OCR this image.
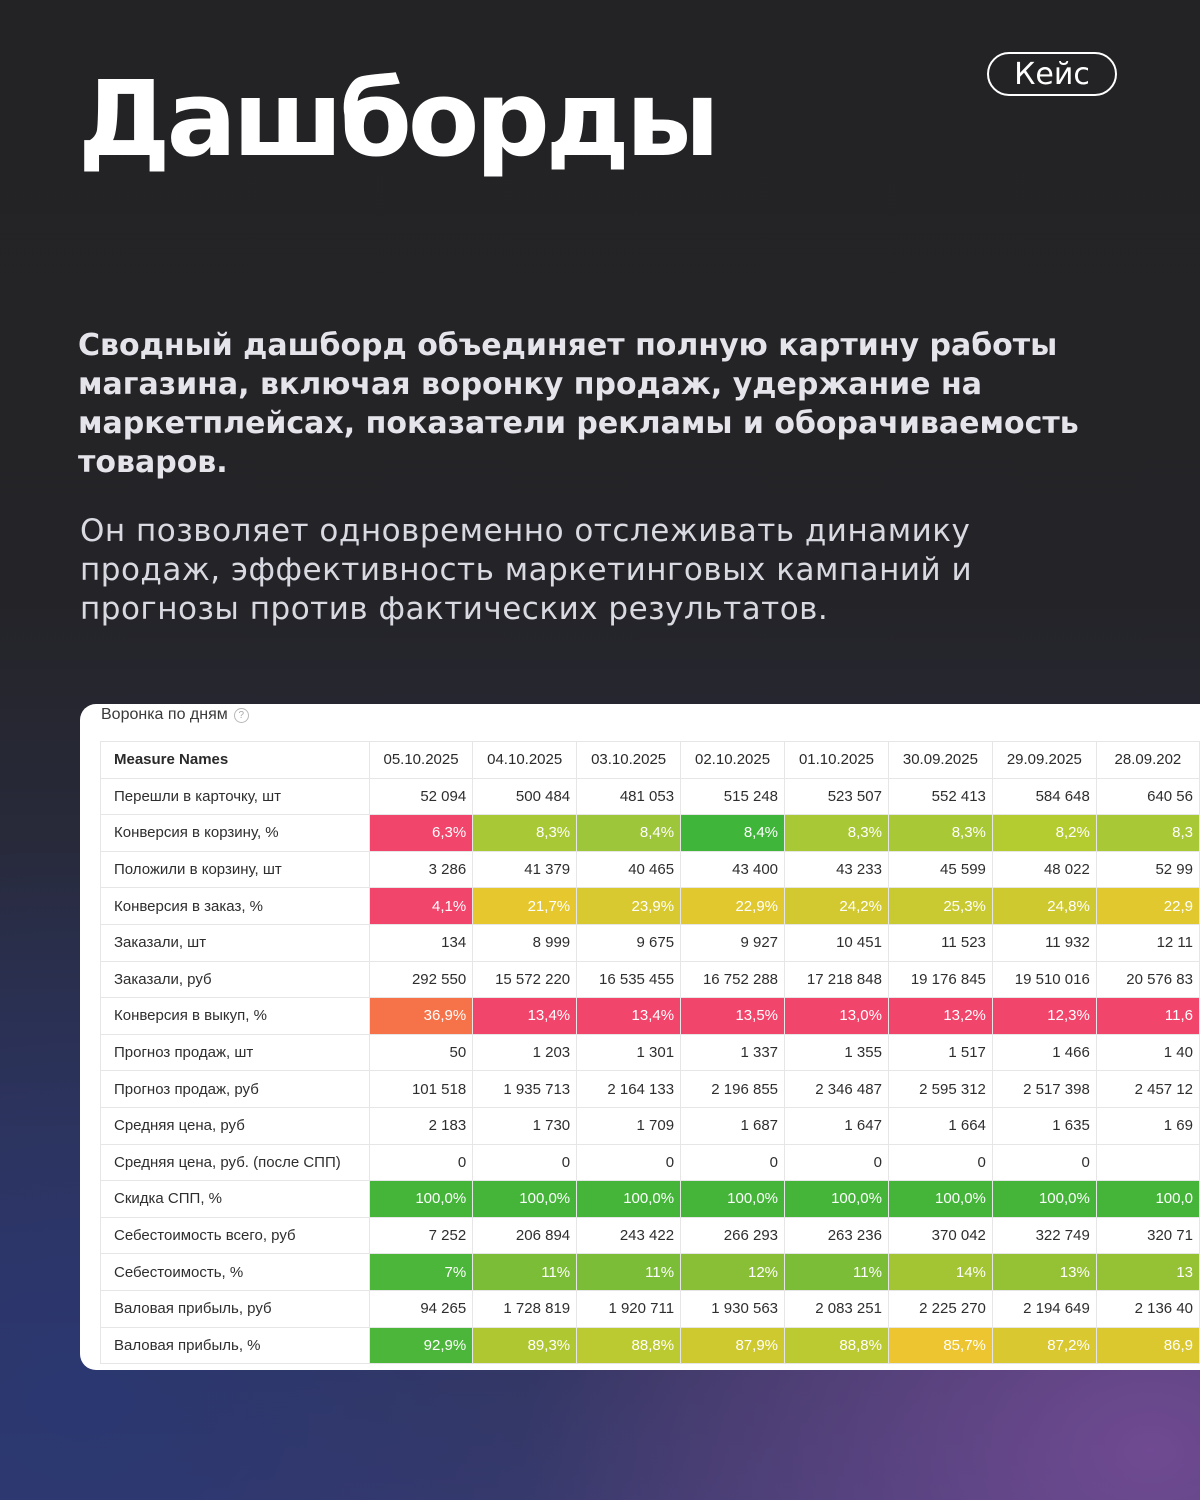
Дашборды	Кейс
Сводный дашборд объединяет полную картину работы магазина, включая воронку продаж, удержание на маркетплейсах, показатели рекламы и оборачиваемость товаров.
Он позволяет одновременно отслеживать динамику продаж, эффективность маркетинговых кампаний и прогнозы против фактических результатов.
Воронка по дням	?
Measure Names	05.10.2025	04.10.2025	03.10.2025	02.10.2025	01.10.2025	30.09.2025	29.09.2025	28.09.202
Перешли в карточку, шт	52 094	500 484	481 053	515 248	523 507	552 413	584 648	640 56
Конверсия в корзину, %	6,3%	8,3%	8,4%	8,4%	8,3%	8,3%	8,2%	8,3
Положили в корзину, шт	3 286	41 379	40 465	43 400	43 233	45 599	48 022	52 99
Конверсия в заказ, %	4,1%	21,7%	23,9%	22,9%	24,2%	25,3%	24,8%	22,9
Заказали, шт	134	8 999	9 675	9 927	10 451	11 523	11 932	12 11
Заказали, руб	292 550	15 572 220	16 535 455	16 752 288	17 218 848	19 176 845	19 510 016	20 576 83
Конверсия в выкуп, %	36,9%	13,4%	13,4%	13,5%	13,0%	13,2%	12,3%	11,6
Прогноз продаж, шт	50	1 203	1 301	1 337	1 355	1 517	1 466	1 40
Прогноз продаж, руб	101 518	1 935 713	2 164 133	2 196 855	2 346 487	2 595 312	2 517 398	2 457 12
Средняя цена, руб	2 183	1 730	1 709	1 687	1 647	1 664	1 635	1 69
Средняя цена, руб. (после СПП)	0	0	0	0	0	0	0	
Скидка СПП, %	100,0%	100,0%	100,0%	100,0%	100,0%	100,0%	100,0%	100,0
Себестоимость всего, руб	7 252	206 894	243 422	266 293	263 236	370 042	322 749	320 71
Себестоимость, %	7%	11%	11%	12%	11%	14%	13%	13
Валовая прибыль, руб	94 265	1 728 819	1 920 711	1 930 563	2 083 251	2 225 270	2 194 649	2 136 40
Валовая прибыль, %	92,9%	89,3%	88,8%	87,9%	88,8%	85,7%	87,2%	86,9
